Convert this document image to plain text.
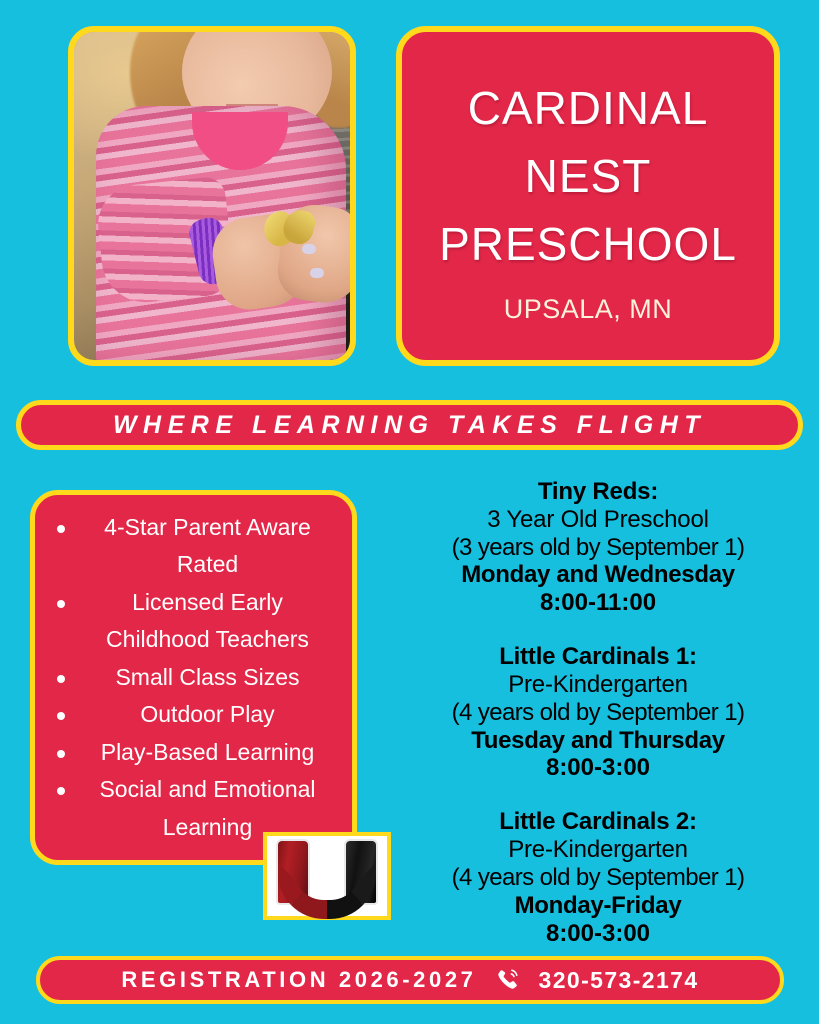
CARDINAL
NEST
PRESCHOOL
UPSALA, MN
WHERE LEARNING TAKES FLIGHT
4-Star Parent Aware Rated
Licensed Early Childhood Teachers
Small Class Sizes
Outdoor Play
Play-Based Learning
Social and Emotional Learning
Tiny Reds:
3 Year Old Preschool
(3 years old by September 1)
Monday and Wednesday
8:00-11:00
Little Cardinals 1:
Pre-Kindergarten
(4 years old by September 1)
Tuesday and Thursday
8:00-3:00
Little Cardinals 2:
Pre-Kindergarten
(4 years old by September 1)
Monday-Friday
8:00-3:00
REGISTRATION 2026-2027	320-573-2174
